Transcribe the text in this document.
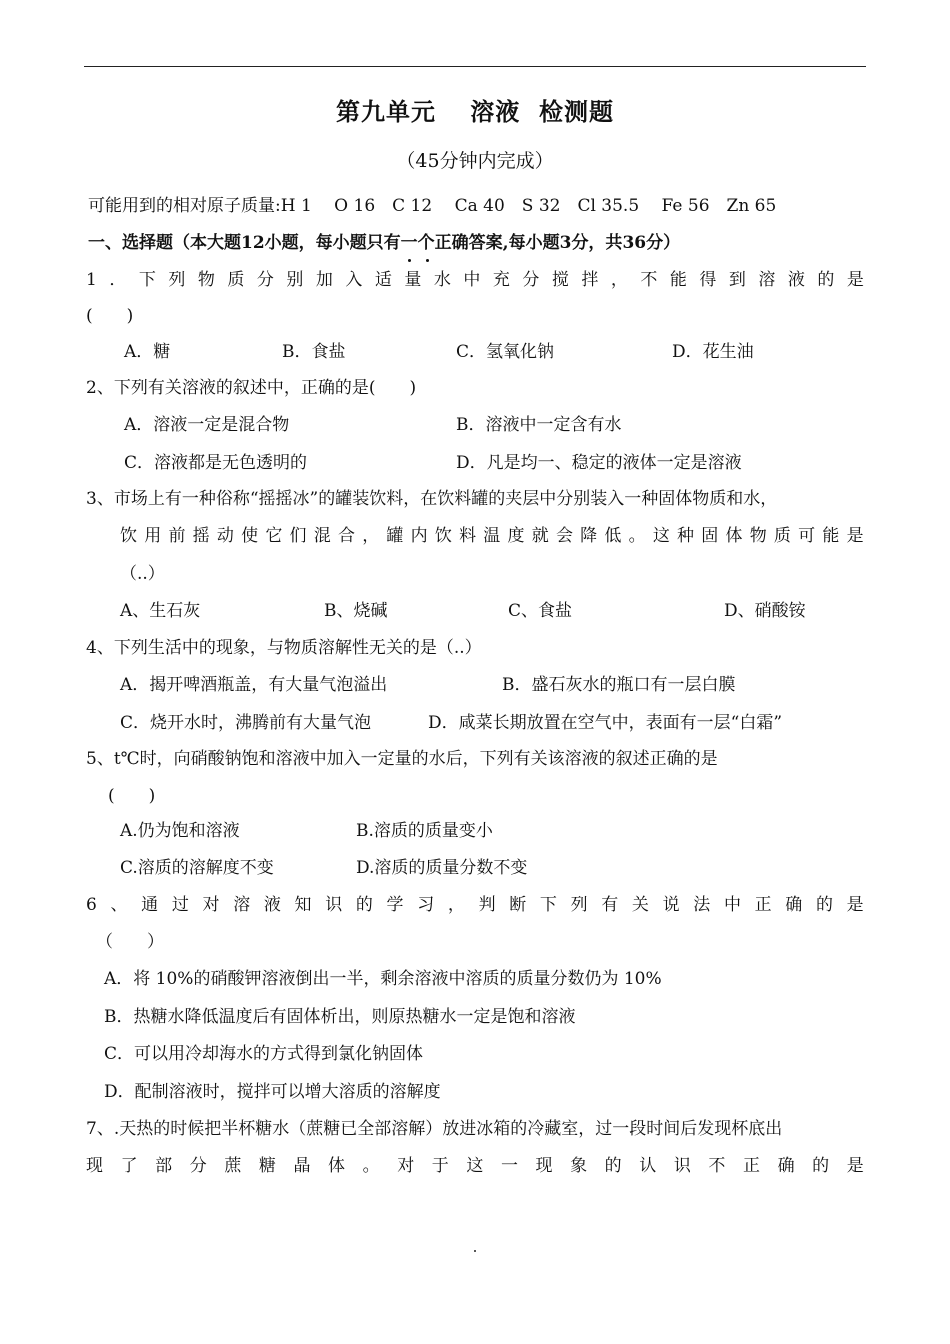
第九单元　 溶液  检测题
（45分钟内完成）
可能用到的相对原子质量:H 1　 O 16　C 12　 Ca 40　S 32　Cl 35.5　 Fe 56　Zn 65
一、选择题（本大题12小题，每小题只有一个
正确答案,每小题3分，共36分）
1 ． 下 列 物 质 分 别 加 入 适 量 水 中 充 分 搅 拌 ， 不 能 得 到 溶 液 的 是
(　　)
A．糖	B．食盐	C．氢氧化钠	D．花生油
2、下列有关溶液的叙述中，正确的是(　　)
A．溶液一定是混合物	B．溶液中一定含有水
C．溶液都是无色透明的	D．凡是均一、稳定的液体一定是溶液
3、市场上有一种俗称“摇摇冰”的罐装饮料，在饮料罐的夹层中分别装入一种固体物质和水，
饮 用 前 摇 动 使 它 们 混 合 ， 罐 内 饮 料 温 度 就 会 降 低 。 这 种 固 体 物 质 可 能 是
（..）
A、生石灰	B、烧碱	C、食盐	D、硝酸铵
4、下列生活中的现象，与物质溶解性无关的是（..）
A．揭开啤酒瓶盖，有大量气泡溢出	B．盛石灰水的瓶口有一层白膜
C．烧开水时，沸腾前有大量气泡	D．咸菜长期放置在空气中，表面有一层“白霜”
5、t℃时，向硝酸钠饱和溶液中加入一定量的水后，下列有关该溶液的叙述正确的是
(　　)
A.仍为饱和溶液	B.溶质的质量变小
C.溶质的溶解度不变	D.溶质的质量分数不变
6 、 通 过 对 溶 液 知 识 的 学 习 ， 判 断 下 列 有 关 说 法 中 正 确 的 是
（　　）
A．将 10%的硝酸钾溶液倒出一半，剩余溶液中溶质的质量分数仍为 10%
B．热糖水降低温度后有固体析出，则原热糖水一定是饱和溶液
C．可以用冷却海水的方式得到氯化钠固体
D．配制溶液时，搅拌可以增大溶质的溶解度
7、.天热的时候把半杯糖水（蔗糖已全部溶解）放进冰箱的冷藏室，过一段时间后发现杯底出
现 了 部 分 蔗 糖 晶 体 。 对 于 这 一 现 象 的 认 识 不 正 确 的 是
